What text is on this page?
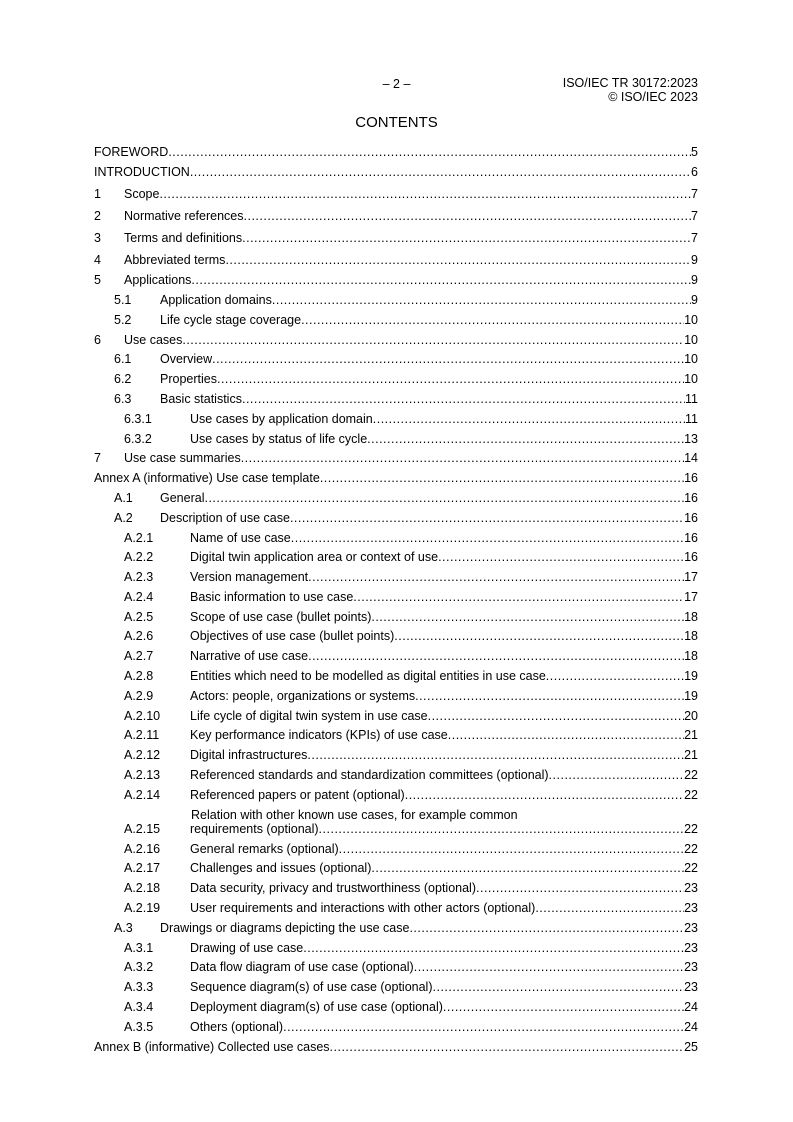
– 2 –	ISO/IEC TR 30172:2023
© ISO/IEC 2023
CONTENTS
FOREWORD .....	5
INTRODUCTION .....	6
1	Scope .....	7
2	Normative references .....	7
3	Terms and definitions .....	7
4	Abbreviated terms .....	9
5	Applications .....	9
5.1	Application domains .....	9
5.2	Life cycle stage coverage .....	10
6	Use cases .....	10
6.1	Overview .....	10
6.2	Properties .....	10
6.3	Basic statistics .....	11
6.3.1	Use cases by application domain .....	11
6.3.2	Use cases by status of life cycle .....	13
7	Use case summaries .....	14
Annex A (informative) Use case template .....	16
A.1	General .....	16
A.2	Description of use case .....	16
A.2.1	Name of use case .....	16
A.2.2	Digital twin application area or context of use .....	16
A.2.3	Version management .....	17
A.2.4	Basic information to use case .....	17
A.2.5	Scope of use case (bullet points) .....	18
A.2.6	Objectives of use case (bullet points) .....	18
A.2.7	Narrative of use case .....	18
A.2.8	Entities which need to be modelled as digital entities in use case .....	19
A.2.9	Actors: people, organizations or systems .....	19
A.2.10	Life cycle of digital twin system in use case .....	20
A.2.11	Key performance indicators (KPIs) of use case .....	21
A.2.12	Digital infrastructures .....	21
A.2.13	Referenced standards and standardization committees (optional) .....	22
A.2.14	Referenced papers or patent (optional) .....	22
Relation with other known use cases, for example common
A.2.15	requirements (optional) .....	22
A.2.16	General remarks (optional) .....	22
A.2.17	Challenges and issues (optional) .....	22
A.2.18	Data security, privacy and trustworthiness (optional) .....	23
A.2.19	User requirements and interactions with other actors (optional) .....	23
A.3	Drawings or diagrams depicting the use case .....	23
A.3.1	Drawing of use case .....	23
A.3.2	Data flow diagram of use case (optional) .....	23
A.3.3	Sequence diagram(s) of use case (optional) .....	23
A.3.4	Deployment diagram(s) of use case (optional) .....	24
A.3.5	Others (optional) .....	24
Annex B (informative) Collected use cases .....	25
